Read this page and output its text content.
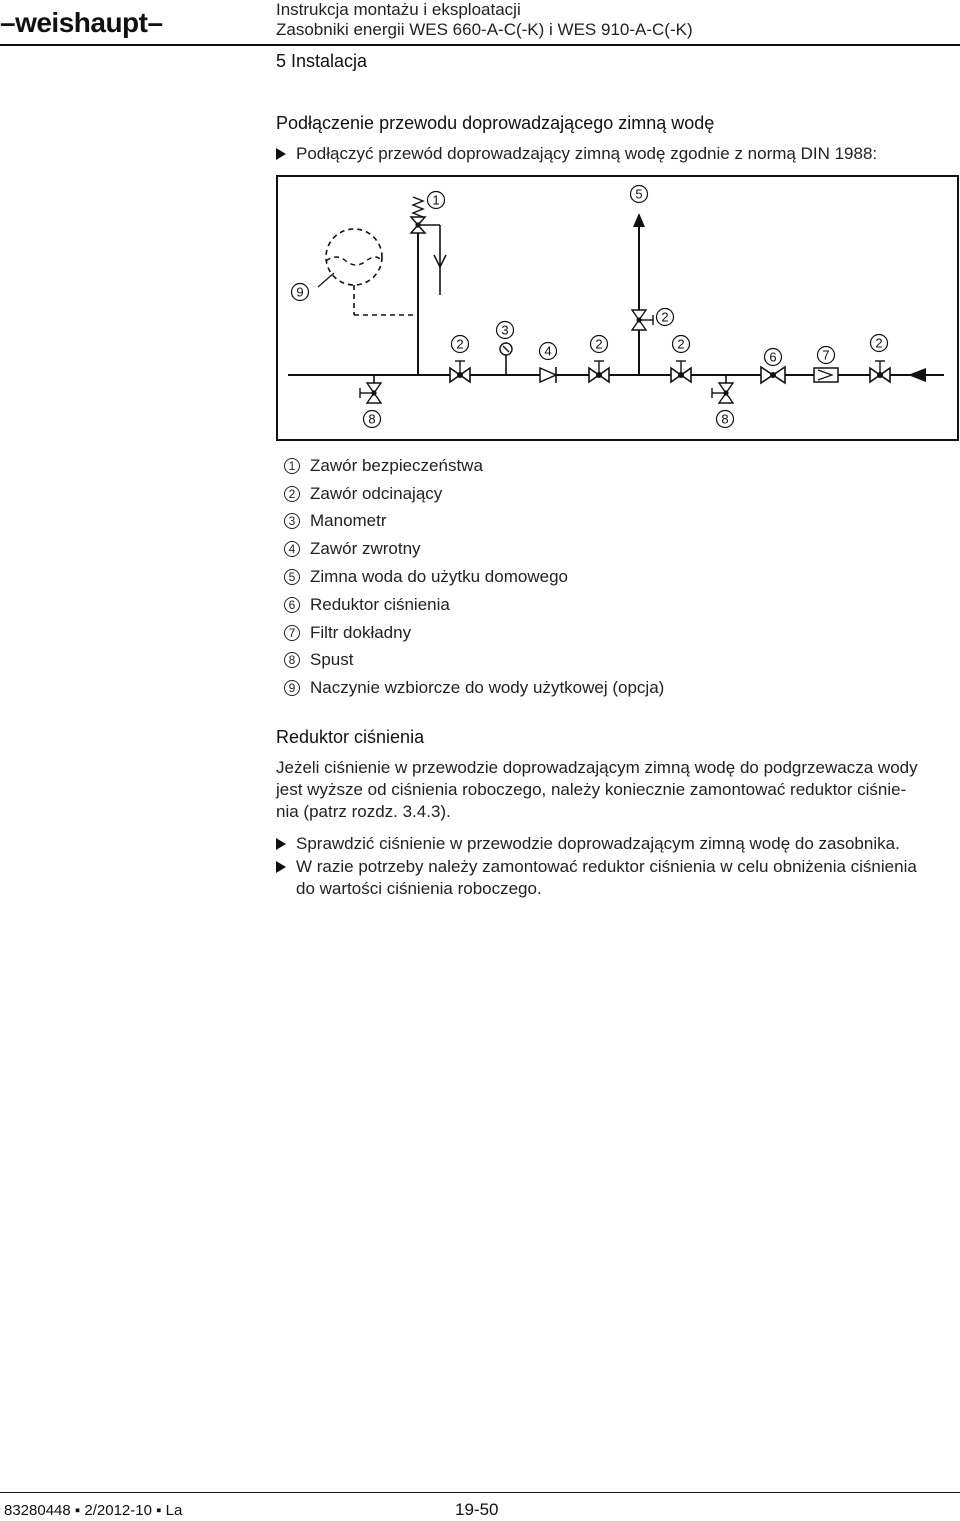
–weishaupt–	Instrukcja montażu i eksploatacji
Zasobniki energii WES 660-A-C(-K) i WES 910-A-C(-K)
5 Instalacja
Podłączenie przewodu doprowadzającego zimną wodę
Podłączyć przewód doprowadzający zimną wodę zgodnie z normą DIN 1988:
1	5
9
2
3
2	4	2	2
6	7
2
8	8
1 Zawór bezpieczeństwa
2 Zawór odcinający
3 Manometr
4 Zawór zwrotny
5 Zimna woda do użytku domowego
6 Reduktor ciśnienia
7 Filtr dokładny
8 Spust
9 Naczynie wzbiorcze do wody użytkowej (opcja)
Reduktor ciśnienia
Jeżeli ciśnienie w przewodzie doprowadzającym zimną wodę do podgrzewacza wody
jest wyższe od ciśnienia roboczego, należy koniecznie zamontować reduktor ciśnie-
nia (patrz rozdz. 3.4.3).
Sprawdzić ciśnienie w przewodzie doprowadzającym zimną wodę do zasobnika.
W razie potrzeby należy zamontować reduktor ciśnienia w celu obniżenia ciśnienia
do wartości ciśnienia roboczego.
83280448 ▪ 2/2012-10 ▪ La	19-50
